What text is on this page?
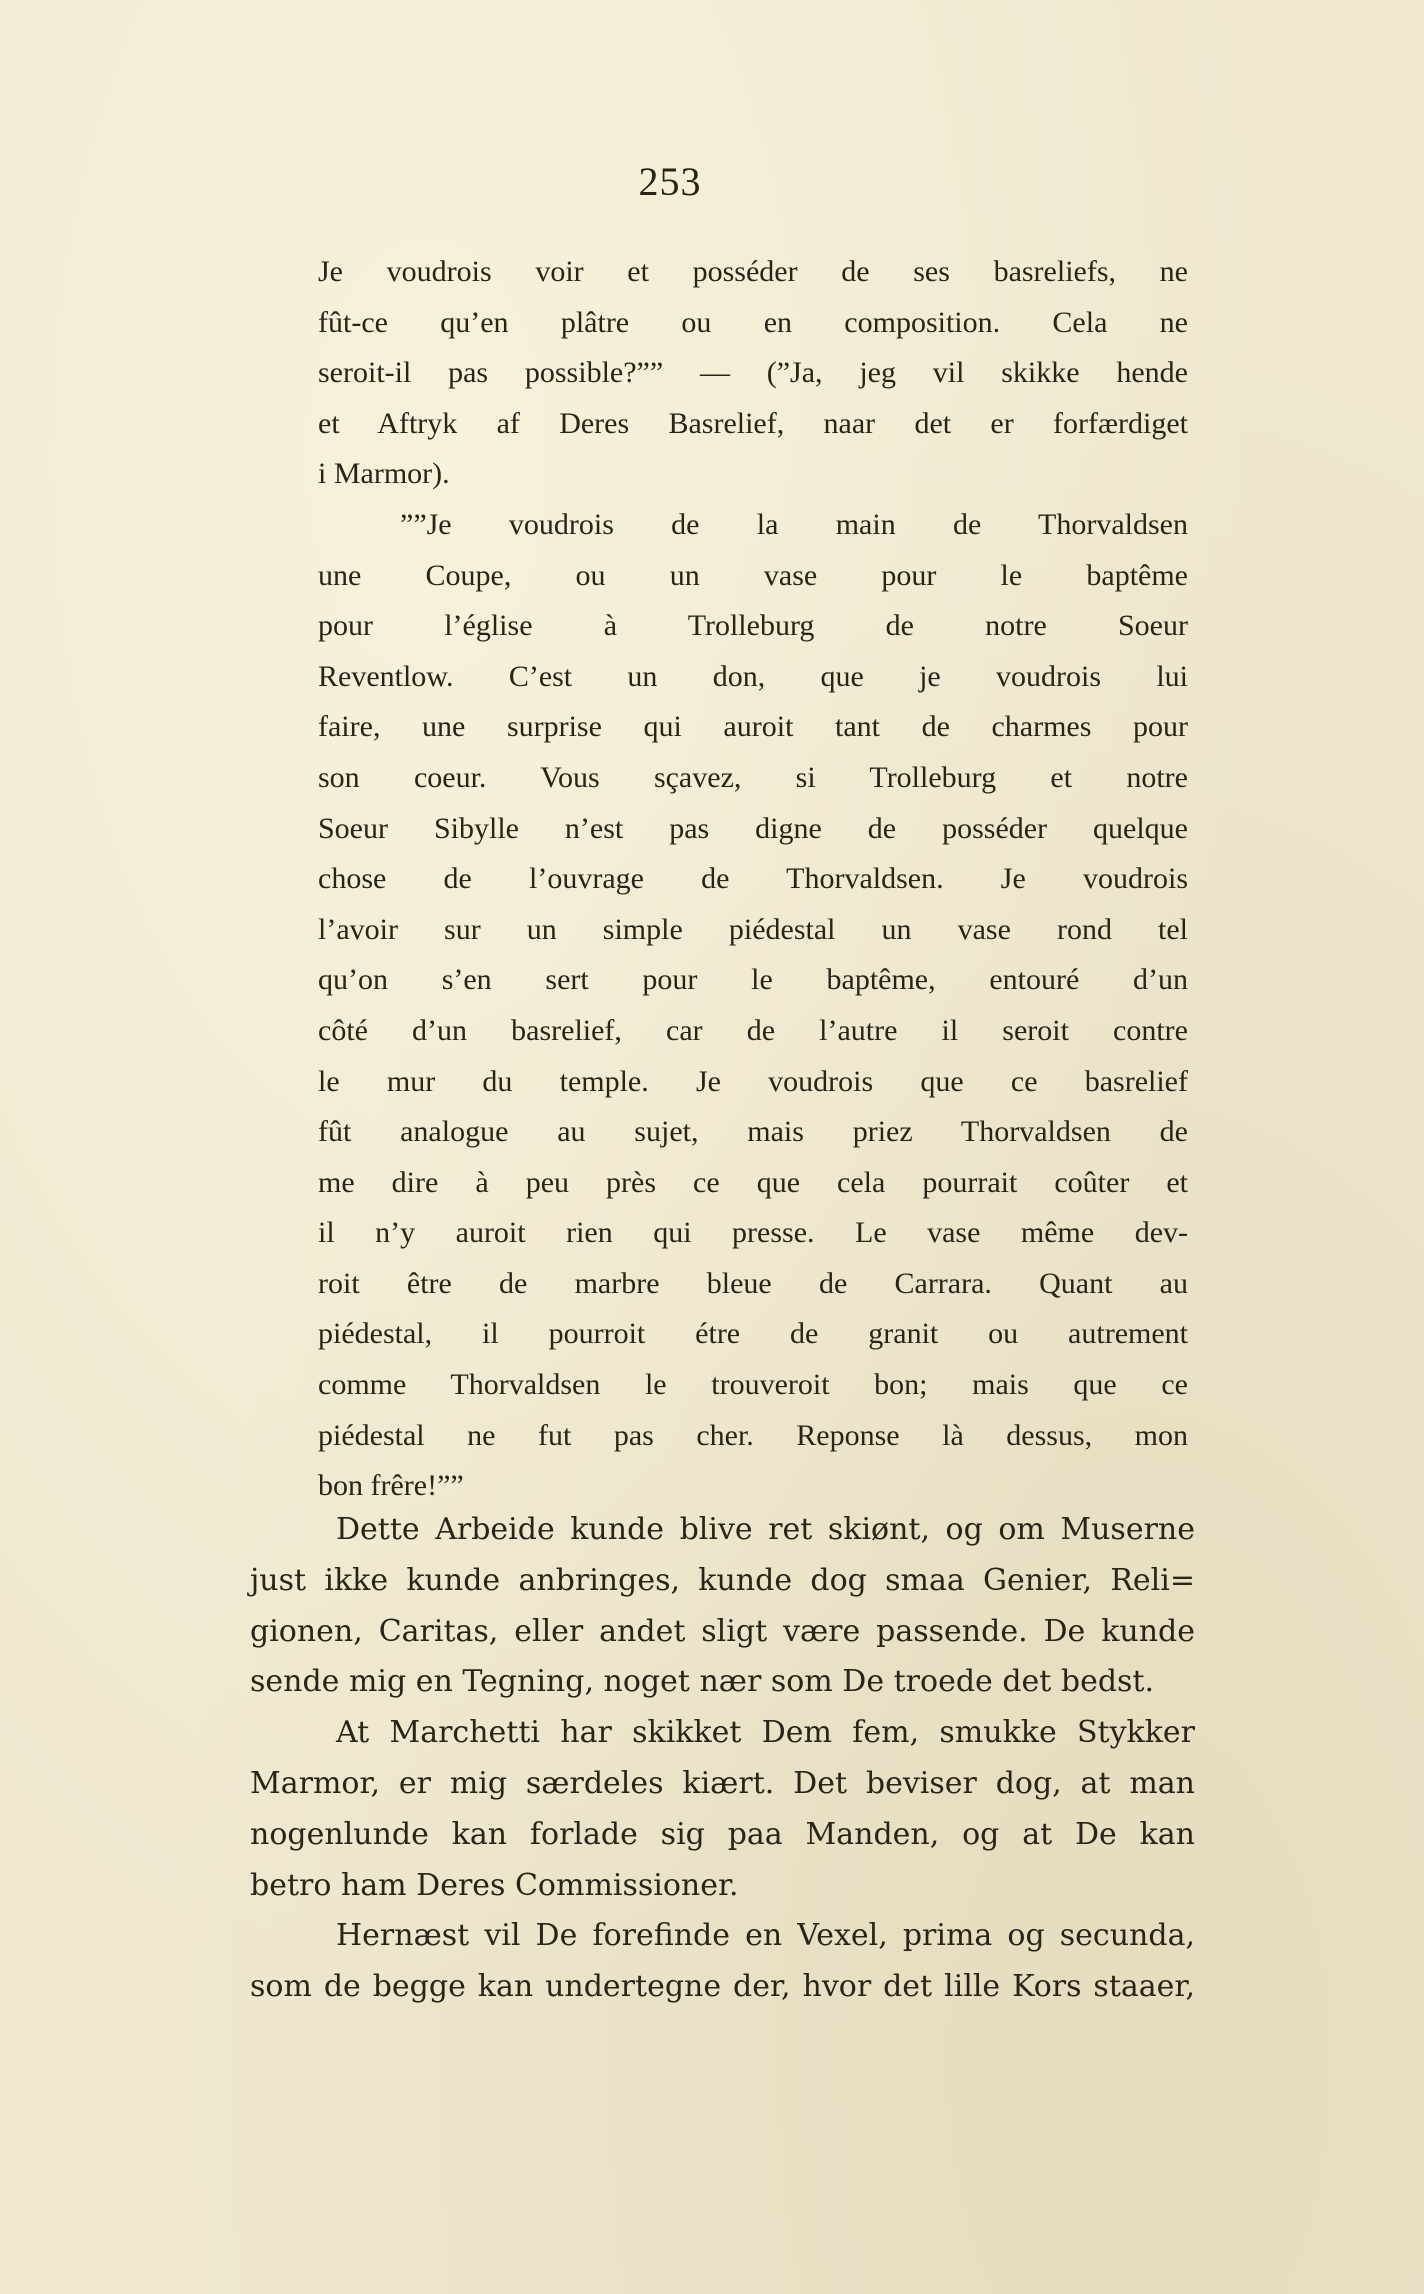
253
Je voudrois voir et posséder de ses basreliefs, ne
fût-ce qu’en plâtre ou en composition. Cela ne
seroit-il pas possible?”” — (”Ja, jeg vil skikke hende
et Aftryk af Deres Basrelief, naar det er forfærdiget
i Marmor).
””Je voudrois de la main de Thorvaldsen
une Coupe, ou un vase pour le baptême
pour l’église à Trolleburg de notre Soeur
Reventlow. C’est un don, que je voudrois lui
faire, une surprise qui auroit tant de charmes pour
son coeur. Vous sçavez, si Trolleburg et notre
Soeur Sibylle n’est pas digne de posséder quelque
chose de l’ouvrage de Thorvaldsen. Je voudrois
l’avoir sur un simple piédestal un vase rond tel
qu’on s’en sert pour le baptême, entouré d’un
côté d’un basrelief, car de l’autre il seroit contre
le mur du temple. Je voudrois que ce basrelief
fût analogue au sujet, mais priez Thorvaldsen de
me dire à peu près ce que cela pourrait coûter et
il n’y auroit rien qui presse. Le vase même dev-
roit être de marbre bleue de Carrara. Quant au
piédestal, il pourroit étre de granit ou autrement
comme Thorvaldsen le trouveroit bon; mais que ce
piédestal ne fut pas cher. Reponse là dessus, mon
bon frêre!””
Dette Arbeide kunde blive ret skiønt, og om Muserne
just ikke kunde anbringes, kunde dog smaa Genier, Reli=
gionen, Caritas, eller andet sligt være passende. De kunde
sende mig en Tegning, noget nær som De troede det bedst.
At Marchetti har skikket Dem fem, smukke Stykker
Marmor, er mig særdeles kiært. Det beviser dog, at man
nogenlunde kan forlade sig paa Manden, og at De kan
betro ham Deres Commissioner.
Hernæst vil De forefinde en Vexel, prima og secunda,
som de begge kan undertegne der, hvor det lille Kors staaer,
